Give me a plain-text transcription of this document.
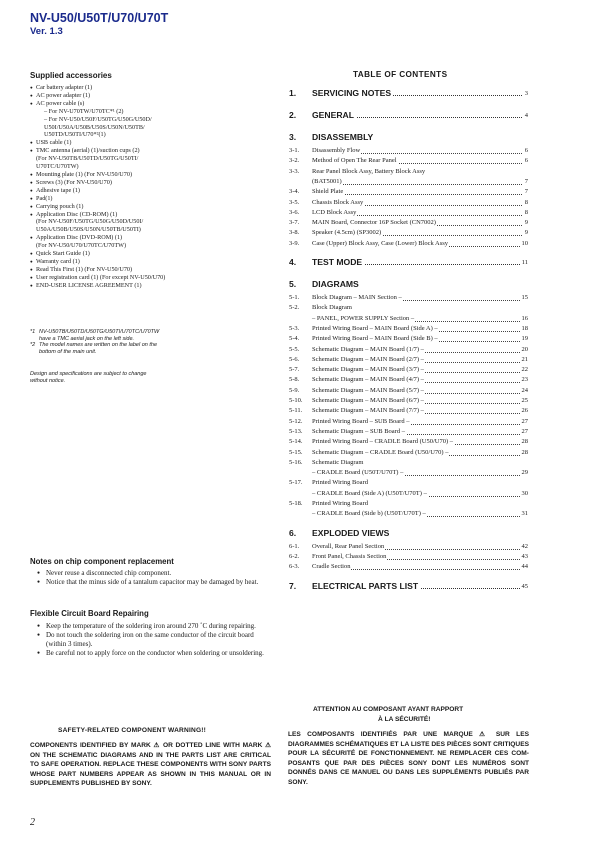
NV-U50/U50T/U70/U70T
Ver. 1.3
Supplied accessories
● Car battery adapter (1)
● AC power adapter (1)
● AC power cable (s)
– For NV-U70TW/U70TC*¹ (2)
– For NV-U50/U50F/U50TG/U50G/U50D/
U50I/U50A/U50B/U50S/U50N/U50TB/
U50TD/U50TI/U70*²(1)
● USB cable (1)
● TMC antenna (aerial) (1)/suction cups (2)
(For NV-U50TB/U50TD/U50TG/U50TI/
U70TC/U70TW)
● Mounting plate (1) (For NV-U50/U70)
● Screws (3) (For NV-U50/U70)
● Adhesive tape (1)
● Pad(1)
● Carrying pouch (1)
● Application Disc (CD-ROM) (1)
(For NV-U50F/U50TG/U50G/U50D/U50I/
U50A/U50B/U50S/U50N/U50TB/U50TI)
● Application Disc (DVD-ROM) (1)
(For NV-U50/U70/U70TC/U70TW)
● Quick Start Guide (1)
● Warranty card (1)
● Read This First (1) (For NV-U50/U70)
● User registration card (1) (For except NV-U50/U70)
● END-USER LICENSE AGREEMENT (1)
*1 NV-U50TB/U50TD/U50TG/U50TI/U70TC/U70TW
have a TMC aerial jack on the left side.
*2 The model names are written on the label on the
bottom of the main unit.
Design and specifications are subject to change
without notice.
Notes on chip component replacement
● Never reuse a disconnected chip component.
● Notice that the minus side of a tantalum capacitor may be damaged by heat.
Flexible Circuit Board Repairing
● Keep the temperature of the soldering iron around 270 ˚C during repairing.
● Do not touch the soldering iron on the same conductor of the circuit board (within 3 times).
● Be careful not to apply force on the conductor when soldering or unsoldering.
TABLE OF CONTENTS
1. SERVICING NOTES	3
2. GENERAL	4
3. DISASSEMBLY
3-1. Disassembly Flow	6
3-2. Method of Open The Rear Panel	6
3-3. Rear Panel Block Assy, Battery Block Assy
(BAT5001)	7
3-4. Shield Plate	7
3-5. Chassis Block Assy	8
3-6. LCD Block Assy	8
3-7. MAIN Board, Connector 16P Socket (CN7002)	9
3-8. Speaker (4.5cm) (SP3002)	9
3-9. Case (Upper) Block Assy, Case (Lower) Block Assy	10
4. TEST MODE	11
5. DIAGRAMS
5-1. Block Diagram – MAIN Section –	15
5-2. Block Diagram
– PANEL, POWER SUPPLY Section –	16
5-3. Printed Wiring Board – MAIN Board (Side A) –	18
5-4. Printed Wiring Board – MAIN Board (Side B) –	19
5-5. Schematic Diagram – MAIN Board (1/7) –	20
5-6. Schematic Diagram – MAIN Board (2/7) –	21
5-7. Schematic Diagram – MAIN Board (3/7) –	22
5-8. Schematic Diagram – MAIN Board (4/7) –	23
5-9. Schematic Diagram – MAIN Board (5/7) –	24
5-10. Schematic Diagram – MAIN Board (6/7) –	25
5-11. Schematic Diagram – MAIN Board (7/7) –	26
5-12. Printed Wiring Board – SUB Board –	27
5-13. Schematic Diagram – SUB Board –	27
5-14. Printed Wiring Board – CRADLE Board (U50/U70) –	28
5-15. Schematic Diagram – CRADLE Board (U50/U70) –	28
5-16. Schematic Diagram
– CRADLE Board (U50T/U70T) –	29
5-17. Printed Wiring Board
– CRADLE Board (Side A) (U50T/U70T) –	30
5-18. Printed Wiring Board
– CRADLE Board (Side b) (U50T/U70T) –	31
6. EXPLODED VIEWS
6-1. Overall, Rear Panel Section	42
6-2. Front Panel, Chassis Section	43
6-3. Cradle Section	44
7. ELECTRICAL PARTS LIST	45
SAFETY-RELATED COMPONENT WARNING!!
COMPONENTS IDENTIFIED BY MARK ⚠ OR DOTTED LINE WITH MARK ⚠ ON THE SCHEMATIC DIAGRAMS AND IN THE PARTS LIST ARE CRITICAL TO SAFE OPERATION. REPLACE THESE COMPONENTS WITH SONY PARTS WHOSE PART NUMBERS APPEAR AS SHOWN IN THIS MANUAL OR IN SUPPLEMENTS PUBLISHED BY SONY.
ATTENTION AU COMPOSANT AYANT RAPPORT
À LA SÉCURITÉ!
LES COMPOSANTS IDENTIFIÉS PAR UNE MARQUE ⚠ SUR LES DIAGRAMMES SCHÉMATIQUES ET LA LISTE DES PIÈCES SONT CRITIQUES POUR LA SÉCURITÉ DE FONCTIONNEMENT. NE REMPLACER CES COM- POSANTS QUE PAR DES PIÈCES SONY DONT LES NUMÉROS SONT DONNÉS DANS CE MANUEL OU DANS LES SUPPLÉMENTS PUBLIÉS PAR SONY.
2
